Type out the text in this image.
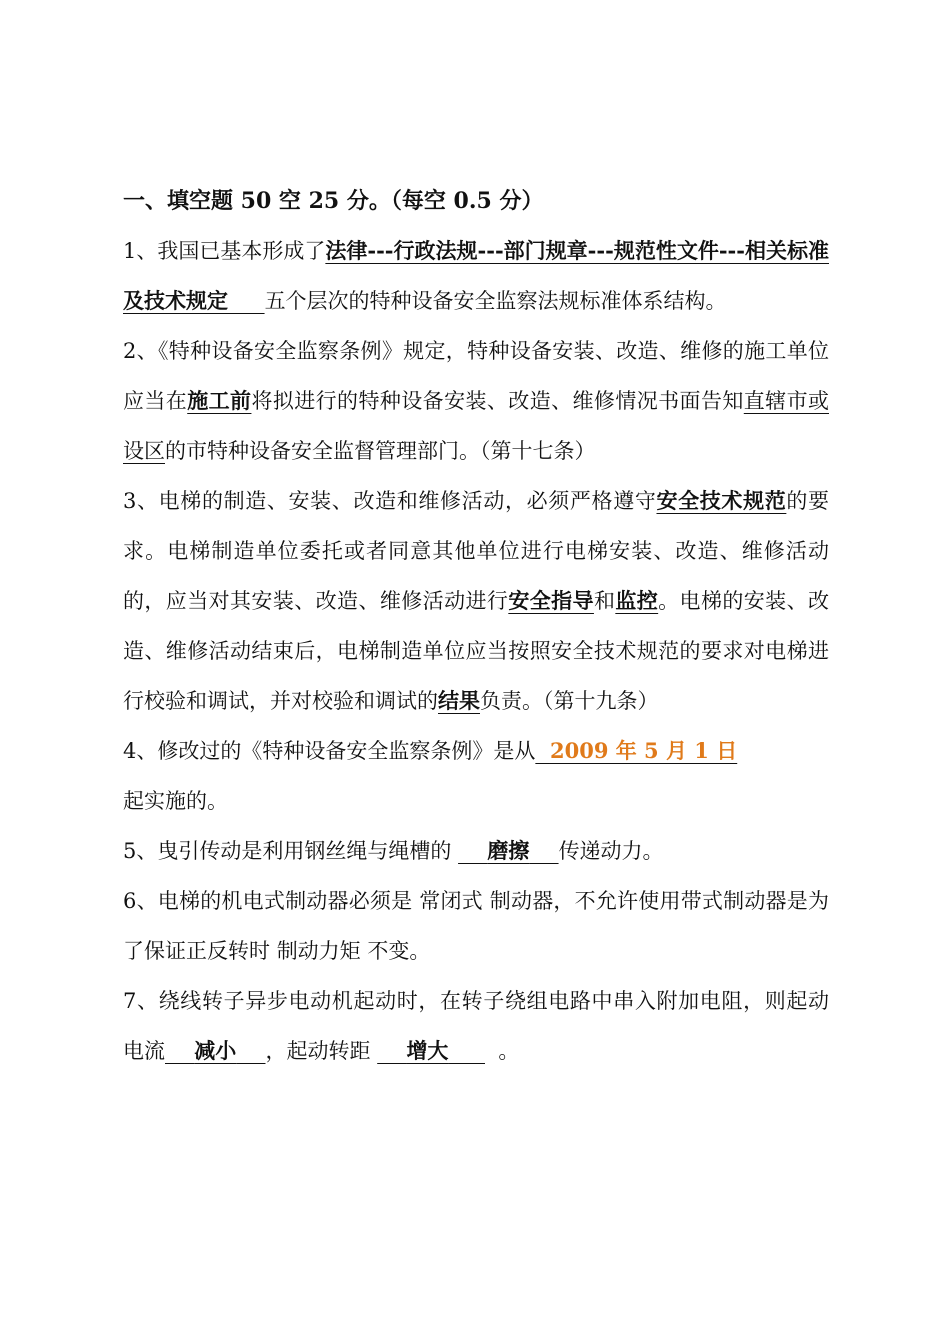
一、填空题 50 空 25 分。（每空 0.5 分）

1、我国已基本形成了法律---行政法规---部门规章---规范性文件---相关标准及技术规定 五个层次的特种设备安全监察法规标准体系结构。

2、《特种设备安全监察条例》规定，特种设备安装、改造、维修的施工单位应当在施工前将拟进行的特种设备安装、改造、维修情况书面告知直辖市或设区的市特种设备安全监督管理部门。（第十七条）

3、电梯的制造、安装、改造和维修活动，必须严格遵守安全技术规范的要求。电梯制造单位委托或者同意其他单位进行电梯安装、改造、维修活动的，应当对其安装、改造、维修活动进行安全指导和监控。电梯的安装、改造、维修活动结束后，电梯制造单位应当按照安全技术规范的要求对电梯进行校验和调试，并对校验和调试的结果负责。（第十九条）

4、修改过的《特种设备安全监察条例》是从 2009 年 5 月 1 日
起实施的。

5、曳引传动是利用钢丝绳与绳槽的 磨擦 传递动力。

6、电梯的机电式制动器必须是 常闭式 制动器，不允许使用带式制动器是为了保证正反转时 制动力矩 不变。

7、绕线转子异步电动机起动时，在转子绕组电路中串入附加电阻，则起动电流 减小 ，起动转距 增大 。
